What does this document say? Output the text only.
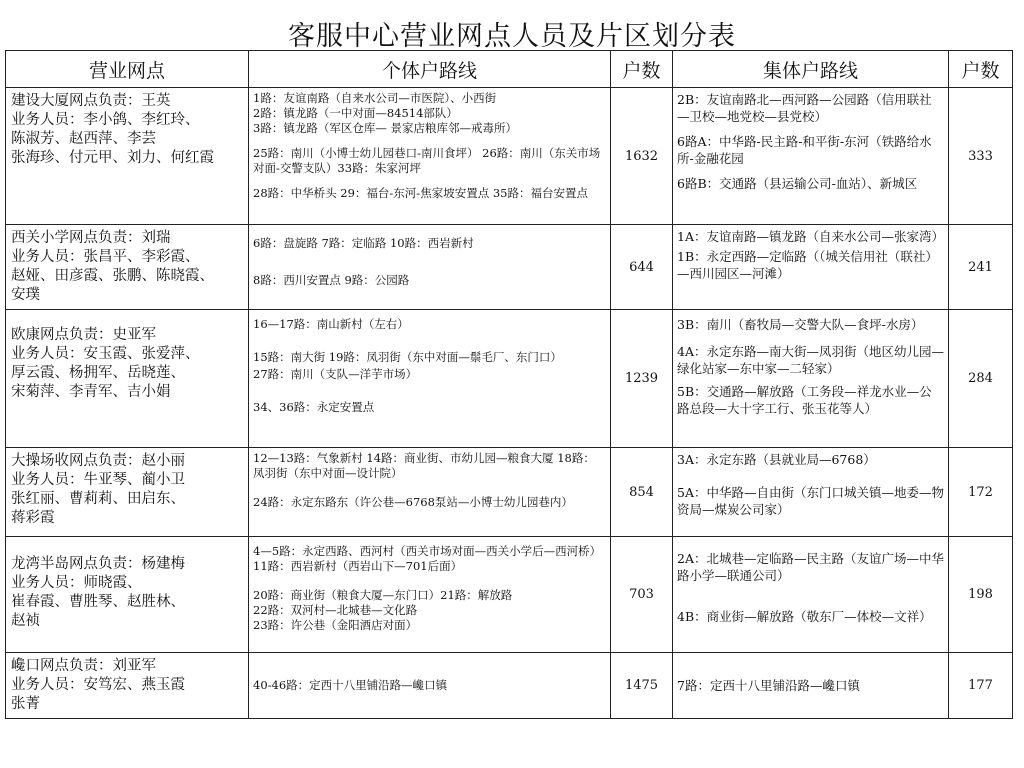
客服中心营业网点人员及片区划分表
营业网点	个体户路线	户数	集体户路线	户数

建设大厦网点负责：王英
业务人员：李小鸽、李红玲、
陈淑芳、赵西萍、李芸
张海珍、付元甲、刘力、何红霞	1路：友谊南路（自来水公司—市医院）、小西街
2路：镇龙路（一中对面—84514部队）
3路：镇龙路（军区仓库— 景家店粮库邻—戒毒所）
25路：南川（小博士幼儿园巷口-南川食坪） 26路：南川（东关市场对面-交警支队）33路：朱家河坪
28路：中华桥头 29：福台-东河-焦家坡安置点 35路：福台安置点	1632	2B：友谊南路北—西河路—公园路（信用联社—卫校—地党校—县党校）
6路A：中华路-民主路-和平街-东河（铁路给水所-金融花园
6路B：交通路（县运输公司-血站）、新城区	333

西关小学网点负责：刘瑞
业务人员：张昌平、李彩霞、
赵娅、田彦霞、张鹏、陈晓霞、
安璞	6路：盘旋路 7路：定临路 10路：西岩新村
8路：西川安置点 9路：公园路	644	1A：友谊南路—镇龙路（自来水公司—张家湾）
1B：永定西路—定临路（（城关信用社（联社）—西川园区—河滩）	241

欧康网点负责：史亚军
业务人员：安玉霞、张爱萍、
厚云霞、杨拥军、岳晓莲、
宋菊萍、李青军、吉小娟	16—17路：南山新村（左右）
15路：南大街 19路：凤羽街（东中对面—鬃毛厂、东门口）
27路：南川（支队—洋芋市场）
34、36路：永定安置点	1239	3B：南川（畜牧局—交警大队—食坪-水房）
4A：永定东路—南大街—凤羽街（地区幼儿园—绿化站家—东中家—二轻家）
5B：交通路—解放路（工务段—祥龙水业—公路总段—大十字工行、张玉花等人）	284

大操场收网点负责：赵小丽
业务人员：牛亚琴、蔺小卫
张红丽、曹莉莉、田启东、
蒋彩霞	12—13路：气象新村 14路：商业街、市幼儿园—粮食大厦 18路：凤羽街（东中对面—设计院）
24路：永定东路东（许公巷—6768泵站—小博士幼儿园巷内）	854	3A：永定东路（县就业局—6768）
5A：中华路—自由街（东门口城关镇—地委—物资局—煤炭公司家）	172

龙湾半岛网点负责：杨建梅
业务人员：师晓霞、
崔春霞、曹胜琴、赵胜林、
赵祯	4—5路：永定西路、西河村（西关市场对面—西关小学后—西河桥） 11路：西岩新村（西岩山下—701后面）
20路：商业街（粮食大厦—东门口）21路：解放路
22路：双河村—北城巷—文化路
23路：许公巷（金阳酒店对面）	703	2A：北城巷—定临路—民主路（友谊广场—中华路小学—联通公司）
4B：商业街—解放路（敬东厂—体校—文祥）	198

巉口网点负责：刘亚军
业务人员：安笃宏、燕玉霞
张菁	40-46路：定西十八里铺沿路—巉口镇	1475	7路：定西十八里铺沿路—巉口镇	177
